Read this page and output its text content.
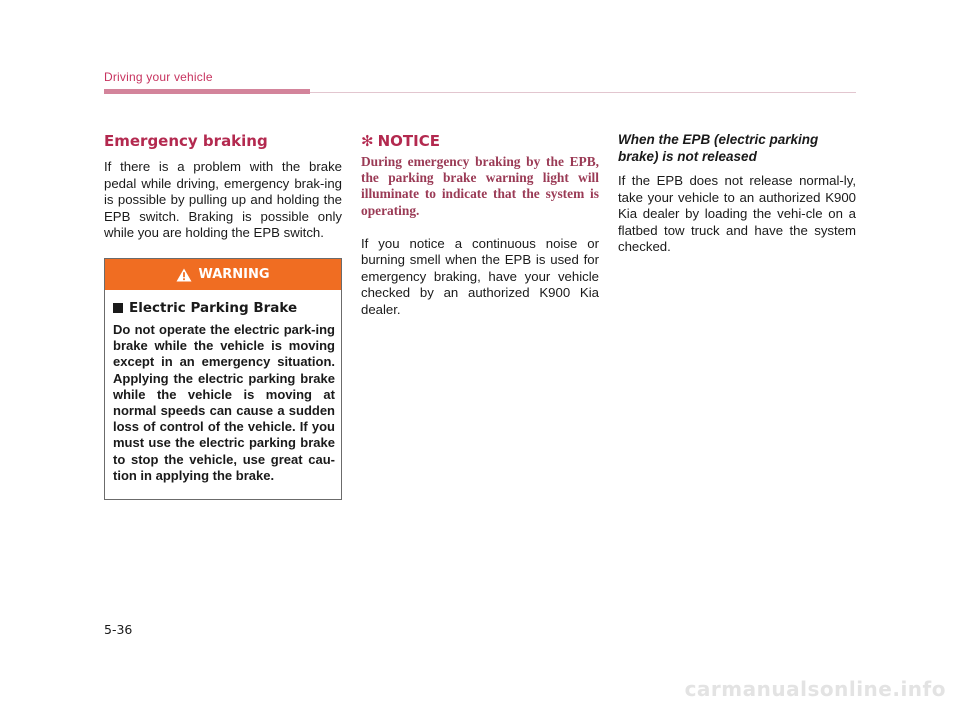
Driving your vehicle
Emergency braking

If there is a problem with the brake pedal while driving, emergency brak-ing is possible by pulling up and holding the EPB switch. Braking is possible only while you are holding the EPB switch.

WARNING
Electric Parking Brake

Do not operate the electric park-ing brake while the vehicle is moving except in an emergency situation. Applying the electric parking brake while the vehicle is moving at normal speeds can cause a sudden loss of control of the vehicle. If you must use the electric parking brake to stop the vehicle, use great cau-tion in applying the brake.

✻ NOTICE

During emergency braking by the EPB, the parking brake warning light will illuminate to indicate that the system is operating.

If you notice a continuous noise or burning smell when the EPB is used for emergency braking, have your vehicle checked by an authorized K900 Kia dealer.

When the EPB (electric parking brake) is not released

If the EPB does not release normal-ly, take your vehicle to an authorized K900 Kia dealer by loading the vehi-cle on a flatbed tow truck and have the system checked.

5-36
carmanualsonline.info
